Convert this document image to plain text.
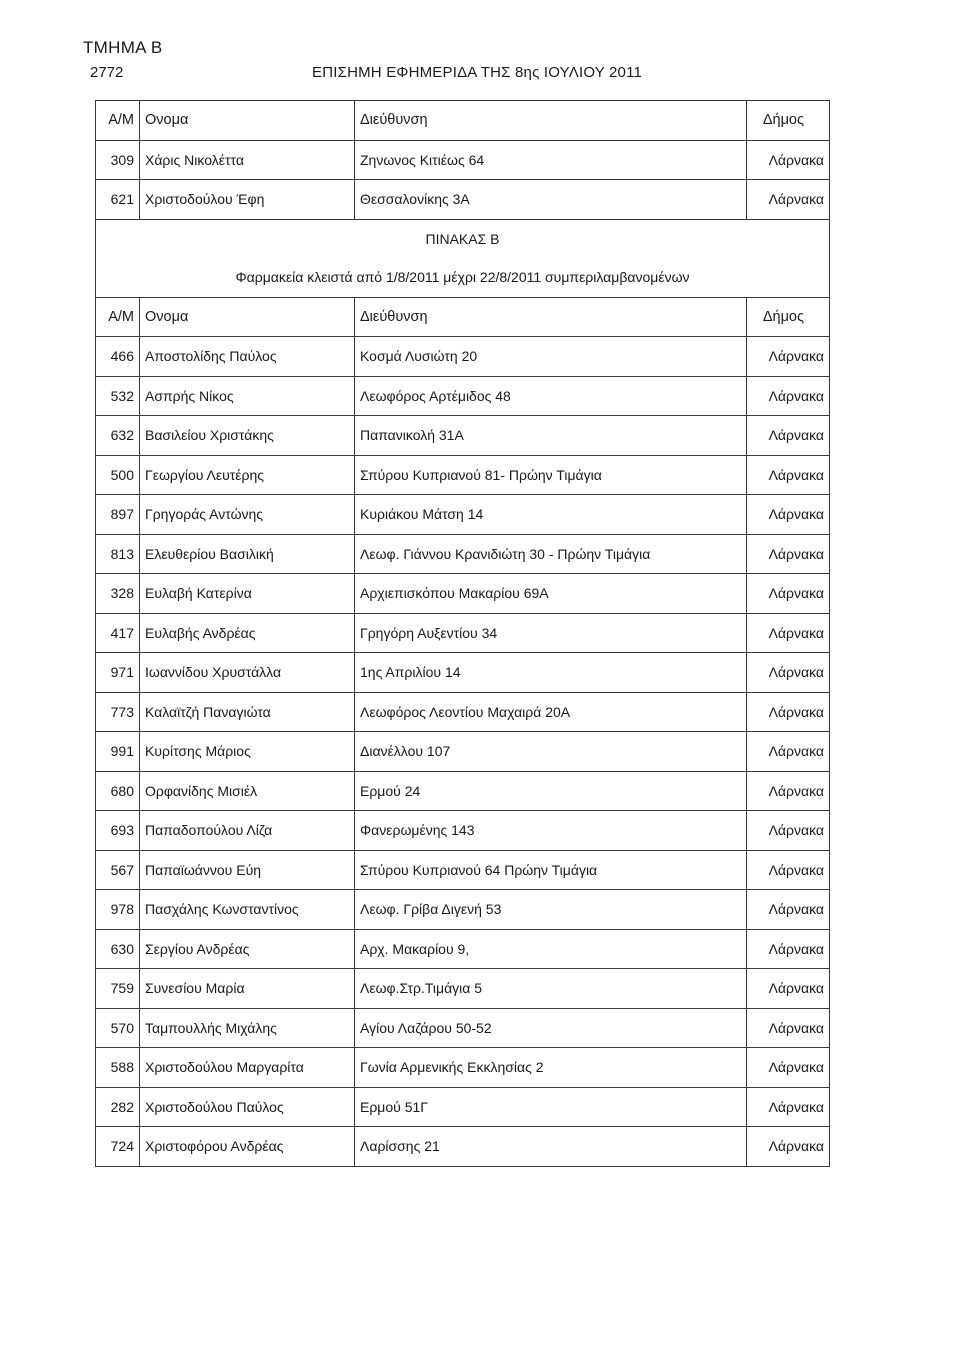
ΤΜΗΜΑ Β
2772	ΕΠΙΣΗΜΗ ΕΦΗΜΕΡΙΔΑ ΤΗΣ 8ης ΙΟΥΛΙΟΥ 2011
Α/Μ	Ονομα	Διεύθυνση	Δήμος
309	Χάρις Νικολέττα	Ζηνωνος Κιτιέως 64	Λάρνακα
621	Χριστοδούλου Έφη	Θεσσαλονίκης 3Α	Λάρνακα
ΠΙΝΑΚΑΣ Β			
Φαρμακεία κλειστά από 1/8/2011 μέχρι 22/8/2011 συμπεριλαμβανομένων			
Α/Μ	Ονομα	Διεύθυνση	Δήμος
466	Αποστολίδης Παύλος	Κοσμά Λυσιώτη 20	Λάρνακα
532	Ασπρής Νίκος	Λεωφόρος Αρτέμιδος 48	Λάρνακα
632	Βασιλείου Χριστάκης	Παπανικολή 31Α	Λάρνακα
500	Γεωργίου Λευτέρης	Σπύρου Κυπριανού 81- Πρώην Τιμάγια	Λάρνακα
897	Γρηγοράς Αντώνης	Κυριάκου Μάτση 14	Λάρνακα
813	Ελευθερίου Βασιλική	Λεωφ. Γιάννου Κρανιδιώτη 30 - Πρώην Τιμάγια	Λάρνακα
328	Ευλαβή Κατερίνα	Αρχιεπισκόπου Μακαρίου 69Α	Λάρνακα
417	Ευλαβής Ανδρέας	Γρηγόρη Αυξεντίου 34	Λάρνακα
971	Ιωαννίδου Χρυστάλλα	1ης Απριλίου 14	Λάρνακα
773	Καλαϊτζή Παναγιώτα	Λεωφόρος Λεοντίου Μαχαιρά 20Α	Λάρνακα
991	Κυρίτσης Μάριος	Διανέλλου 107	Λάρνακα
680	Ορφανίδης Μισιέλ	Ερμού 24	Λάρνακα
693	Παπαδοπούλου Λίζα	Φανερωμένης 143	Λάρνακα
567	Παπαϊωάννου Εύη	Σπύρου Κυπριανού 64 Πρώην Τιμάγια	Λάρνακα
978	Πασχάλης Κωνσταντίνος	Λεωφ. Γρίβα Διγενή 53	Λάρνακα
630	Σεργίου Ανδρέας	Αρχ. Μακαρίου 9,	Λάρνακα
759	Συνεσίου Μαρία	Λεωφ.Στρ.Τιμάγια 5	Λάρνακα
570	Ταμπουλλής Μιχάλης	Αγίου Λαζάρου 50-52	Λάρνακα
588	Χριστοδούλου Μαργαρίτα	Γωνία Αρμενικής Εκκλησίας 2	Λάρνακα
282	Χριστοδούλου Παύλος	Ερμού 51Γ	Λάρνακα
724	Χριστοφόρου Ανδρέας	Λαρίσσης 21	Λάρνακα
